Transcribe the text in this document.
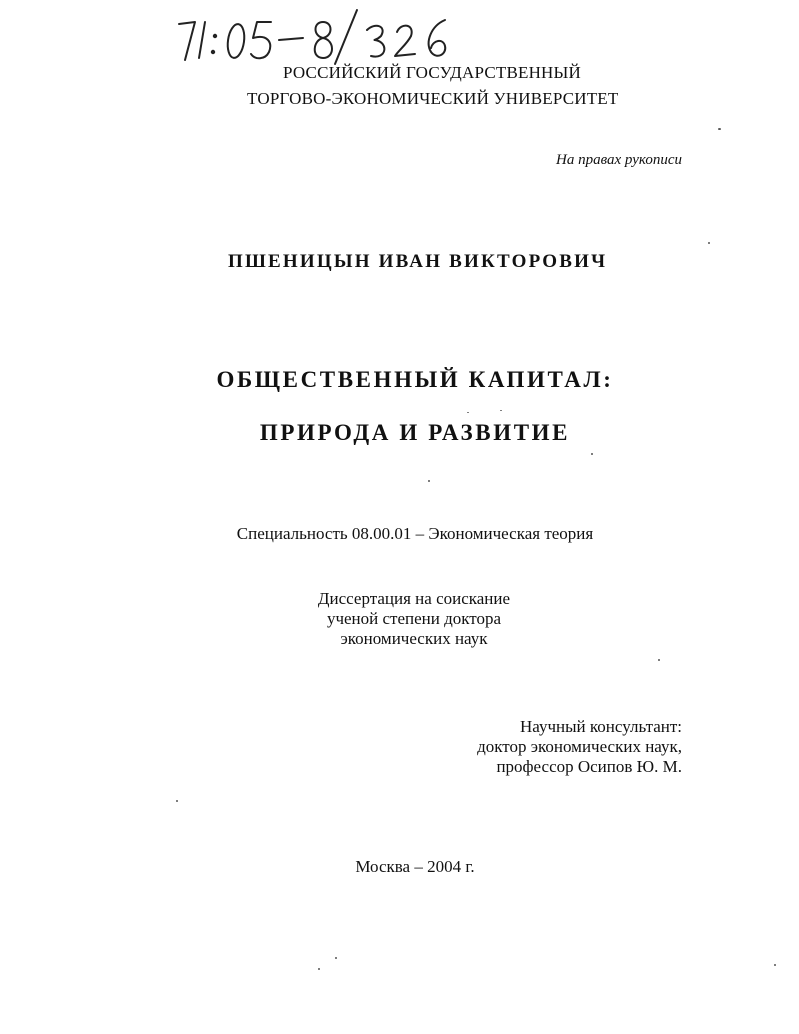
РОССИЙСКИЙ ГОСУДАРСТВЕННЫЙ
ТОРГОВО-ЭКОНОМИЧЕСКИЙ УНИВЕРСИТЕТ
На правах рукописи
ПШЕНИЦЫН ИВАН ВИКТОРОВИЧ
ОБЩЕСТВЕННЫЙ КАПИТАЛ:
ПРИРОДА И РАЗВИТИЕ
Специальность 08.00.01 – Экономическая теория
Диссертация на соискание
ученой степени доктора
экономических наук
Научный консультант:
доктор экономических наук,
профессор Осипов Ю. М.
Москва – 2004 г.
